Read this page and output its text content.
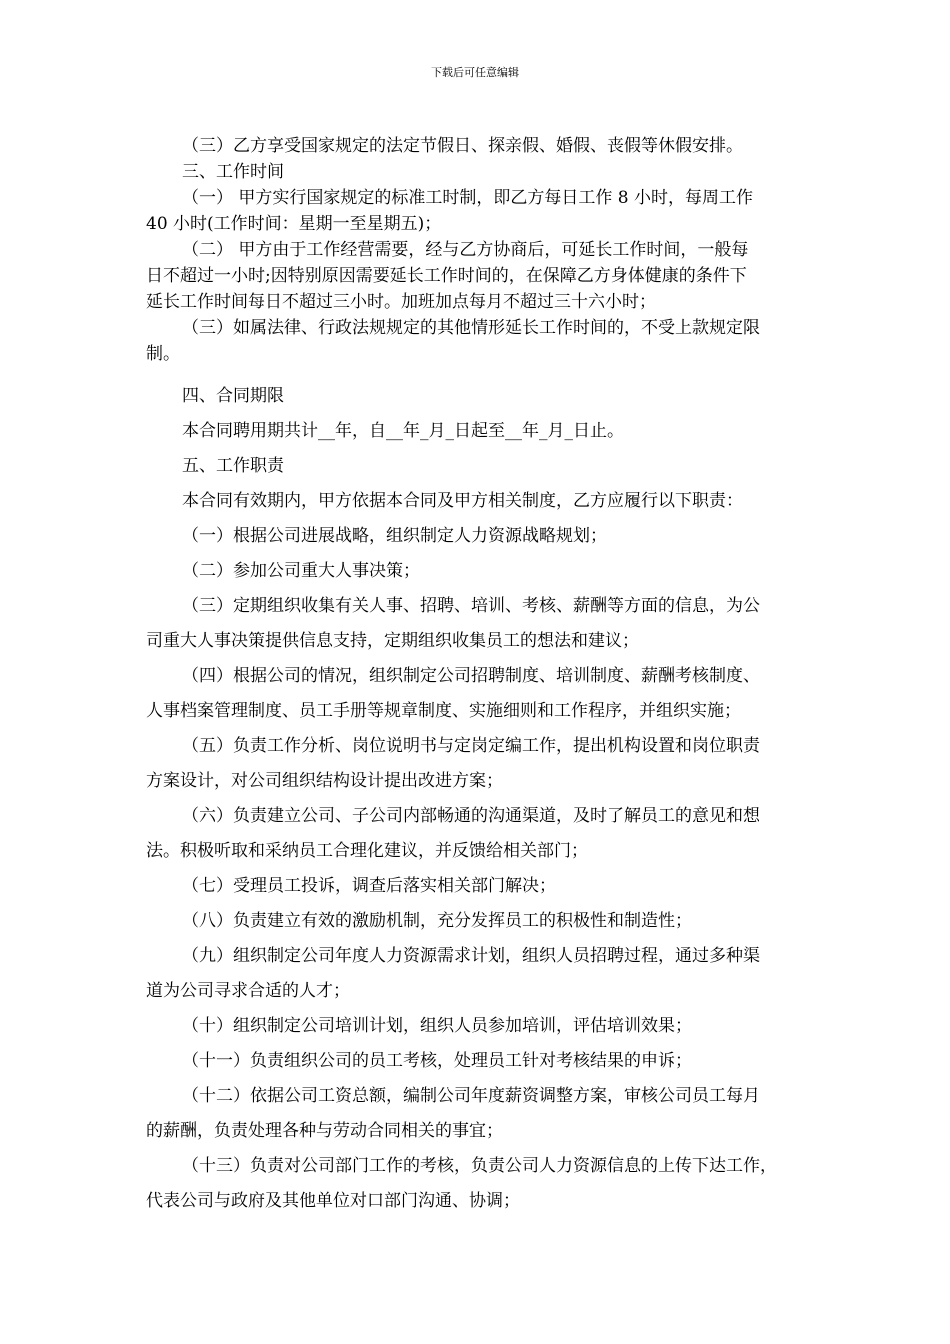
下载后可任意编辑
（三）乙方享受国家规定的法定节假日、探亲假、婚假、丧假等休假安排。
三、工作时间
（一） 甲方实行国家规定的标准工时制，即乙方每日工作 8 小时，每周工作
40 小时(工作时间：星期一至星期五)；
（二） 甲方由于工作经营需要，经与乙方协商后，可延长工作时间，一般每
日不超过一小时;因特别原因需要延长工作时间的，在保障乙方身体健康的条件下
延长工作时间每日不超过三小时。加班加点每月不超过三十六小时；
（三）如属法律、行政法规规定的其他情形延长工作时间的，不受上款规定限
制。
四、合同期限
本合同聘用期共计__年，自__年_月_日起至__年_月_日止。
五、工作职责
本合同有效期内，甲方依据本合同及甲方相关制度，乙方应履行以下职责：
（一）根据公司进展战略，组织制定人力资源战略规划；
（二）参加公司重大人事决策；
（三）定期组织收集有关人事、招聘、培训、考核、薪酬等方面的信息，为公
司重大人事决策提供信息支持，定期组织收集员工的想法和建议；
（四）根据公司的情况，组织制定公司招聘制度、培训制度、薪酬考核制度、
人事档案管理制度、员工手册等规章制度、实施细则和工作程序，并组织实施；
（五）负责工作分析、岗位说明书与定岗定编工作，提出机构设置和岗位职责
方案设计，对公司组织结构设计提出改进方案；
（六）负责建立公司、子公司内部畅通的沟通渠道，及时了解员工的意见和想
法。积极听取和采纳员工合理化建议，并反馈给相关部门；
（七）受理员工投诉，调查后落实相关部门解决；
（八）负责建立有效的激励机制，充分发挥员工的积极性和制造性；
（九）组织制定公司年度人力资源需求计划，组织人员招聘过程，通过多种渠
道为公司寻求合适的人才；
（十）组织制定公司培训计划，组织人员参加培训，评估培训效果；
（十一）负责组织公司的员工考核，处理员工针对考核结果的申诉；
（十二）依据公司工资总额，编制公司年度薪资调整方案，审核公司员工每月
的薪酬，负责处理各种与劳动合同相关的事宜；
（十三）负责对公司部门工作的考核，负责公司人力资源信息的上传下达工作，
代表公司与政府及其他单位对口部门沟通、协调；
